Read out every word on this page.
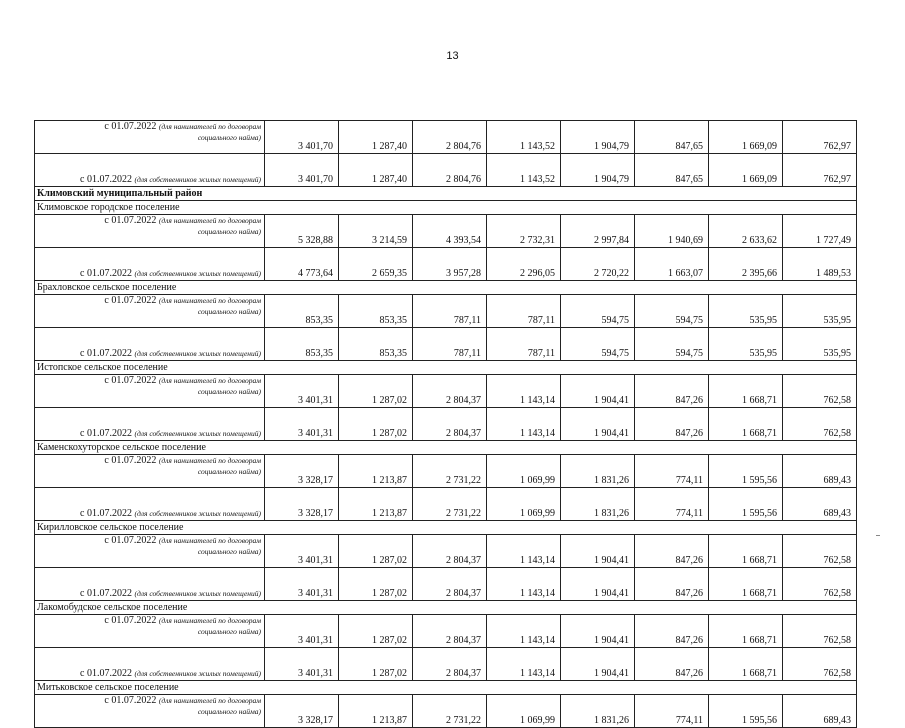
13
с 01.07.2022 (для нанимателей по договорам
социального найма)	3 401,70	1 287,40	2 804,76	1 143,52	1 904,79	847,65	1 669,09	762,97
с 01.07.2022 (для собственников жилых помещений)	3 401,70	1 287,40	2 804,76	1 143,52	1 904,79	847,65	1 669,09	762,97
Климовский муниципальный район								
Климовское городское поселение								
с 01.07.2022 (для нанимателей по договорам
социального найма)	5 328,88	3 214,59	4 393,54	2 732,31	2 997,84	1 940,69	2 633,62	1 727,49
с 01.07.2022 (для собственников жилых помещений)	4 773,64	2 659,35	3 957,28	2 296,05	2 720,22	1 663,07	2 395,66	1 489,53
Брахловское сельское поселение								
с 01.07.2022 (для нанимателей по договорам
социального найма)	853,35	853,35	787,11	787,11	594,75	594,75	535,95	535,95
с 01.07.2022 (для собственников жилых помещений)	853,35	853,35	787,11	787,11	594,75	594,75	535,95	535,95
Истопское сельское поселение								
с 01.07.2022 (для нанимателей по договорам
социального найма)	3 401,31	1 287,02	2 804,37	1 143,14	1 904,41	847,26	1 668,71	762,58
с 01.07.2022 (для собственников жилых помещений)	3 401,31	1 287,02	2 804,37	1 143,14	1 904,41	847,26	1 668,71	762,58
Каменскохуторское сельское поселение								
с 01.07.2022 (для нанимателей по договорам
социального найма)	3 328,17	1 213,87	2 731,22	1 069,99	1 831,26	774,11	1 595,56	689,43
с 01.07.2022 (для собственников жилых помещений)	3 328,17	1 213,87	2 731,22	1 069,99	1 831,26	774,11	1 595,56	689,43
Кирилловское сельское поселение								
с 01.07.2022 (для нанимателей по договорам
социального найма)	3 401,31	1 287,02	2 804,37	1 143,14	1 904,41	847,26	1 668,71	762,58
с 01.07.2022 (для собственников жилых помещений)	3 401,31	1 287,02	2 804,37	1 143,14	1 904,41	847,26	1 668,71	762,58
Лакомобудское сельское поселение								
с 01.07.2022 (для нанимателей по договорам
социального найма)	3 401,31	1 287,02	2 804,37	1 143,14	1 904,41	847,26	1 668,71	762,58
с 01.07.2022 (для собственников жилых помещений)	3 401,31	1 287,02	2 804,37	1 143,14	1 904,41	847,26	1 668,71	762,58
Митьковское сельское поселение								
с 01.07.2022 (для нанимателей по договорам
социального найма)	3 328,17	1 213,87	2 731,22	1 069,99	1 831,26	774,11	1 595,56	689,43
